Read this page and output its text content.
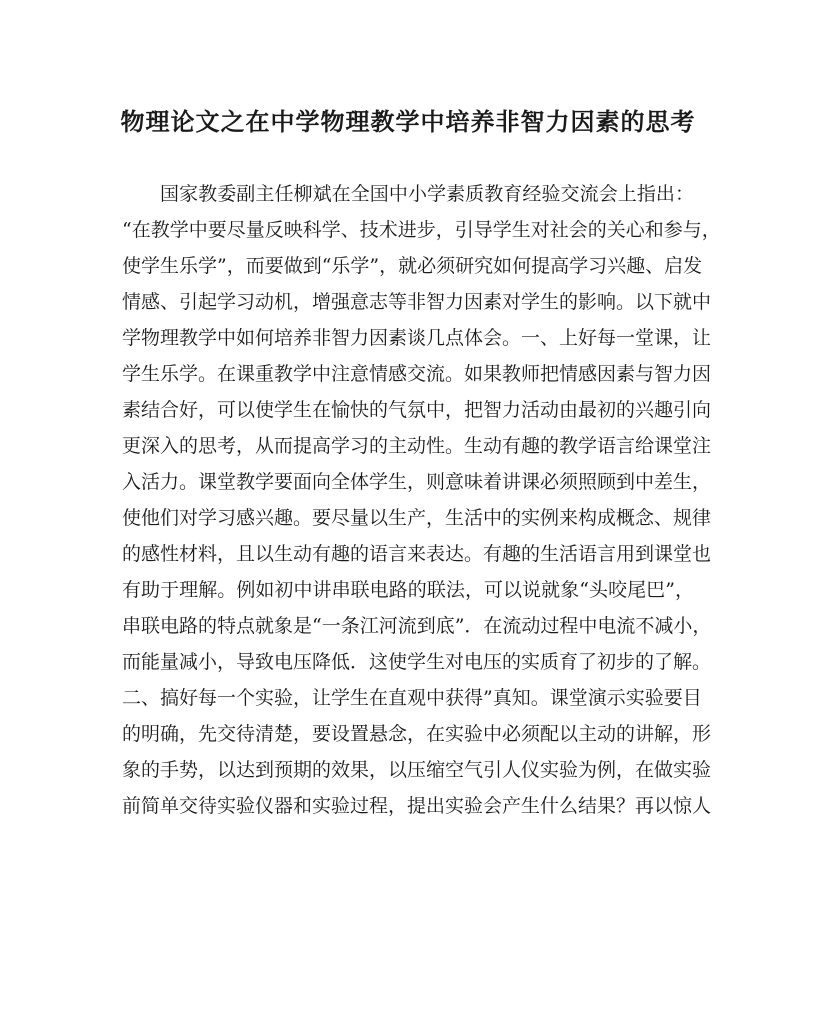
物理论文之在中学物理教学中培养非智力因素的思考
国家教委副主任柳斌在全国中小学素质教育经验交流会上指出：
“在教学中要尽量反映科学、技术进步，引导学生对社会的关心和参与，
使学生乐学”，而要做到“乐学”，就必须研究如何提高学习兴趣、启发
情感、引起学习动机，增强意志等非智力因素对学生的影响。以下就中
学物理教学中如何培养非智力因素谈几点体会。一、上好每一堂课，让
学生乐学。在课重教学中注意情感交流。如果教师把情感因素与智力因
素结合好，可以使学生在愉快的气氛中，把智力活动由最初的兴趣引向
更深入的思考，从而提高学习的主动性。生动有趣的教学语言给课堂注
入活力。课堂教学要面向全体学生，则意味着讲课必须照顾到中差生，
使他们对学习感兴趣。要尽量以生产，生活中的实例来构成概念、规律
的感性材料，且以生动有趣的语言来表达。有趣的生活语言用到课堂也
有助于理解。例如初中讲串联电路的联法，可以说就象“头咬尾巴”，
串联电路的特点就象是“一条江河流到底”．在流动过程中电流不减小，
而能量减小，导致电压降低．这使学生对电压的实质育了初步的了解。
二、搞好每一个实验，让学生在直观中获得”真知。课堂演示实验要目
的明确，先交待清楚，要设置悬念，在实验中必须配以主动的讲解，形
象的手势，以达到预期的效果，以压缩空气引人仪实验为例，在做实验
前简单交待实验仪器和实验过程，提出实验会产生什么结果？再以惊人
